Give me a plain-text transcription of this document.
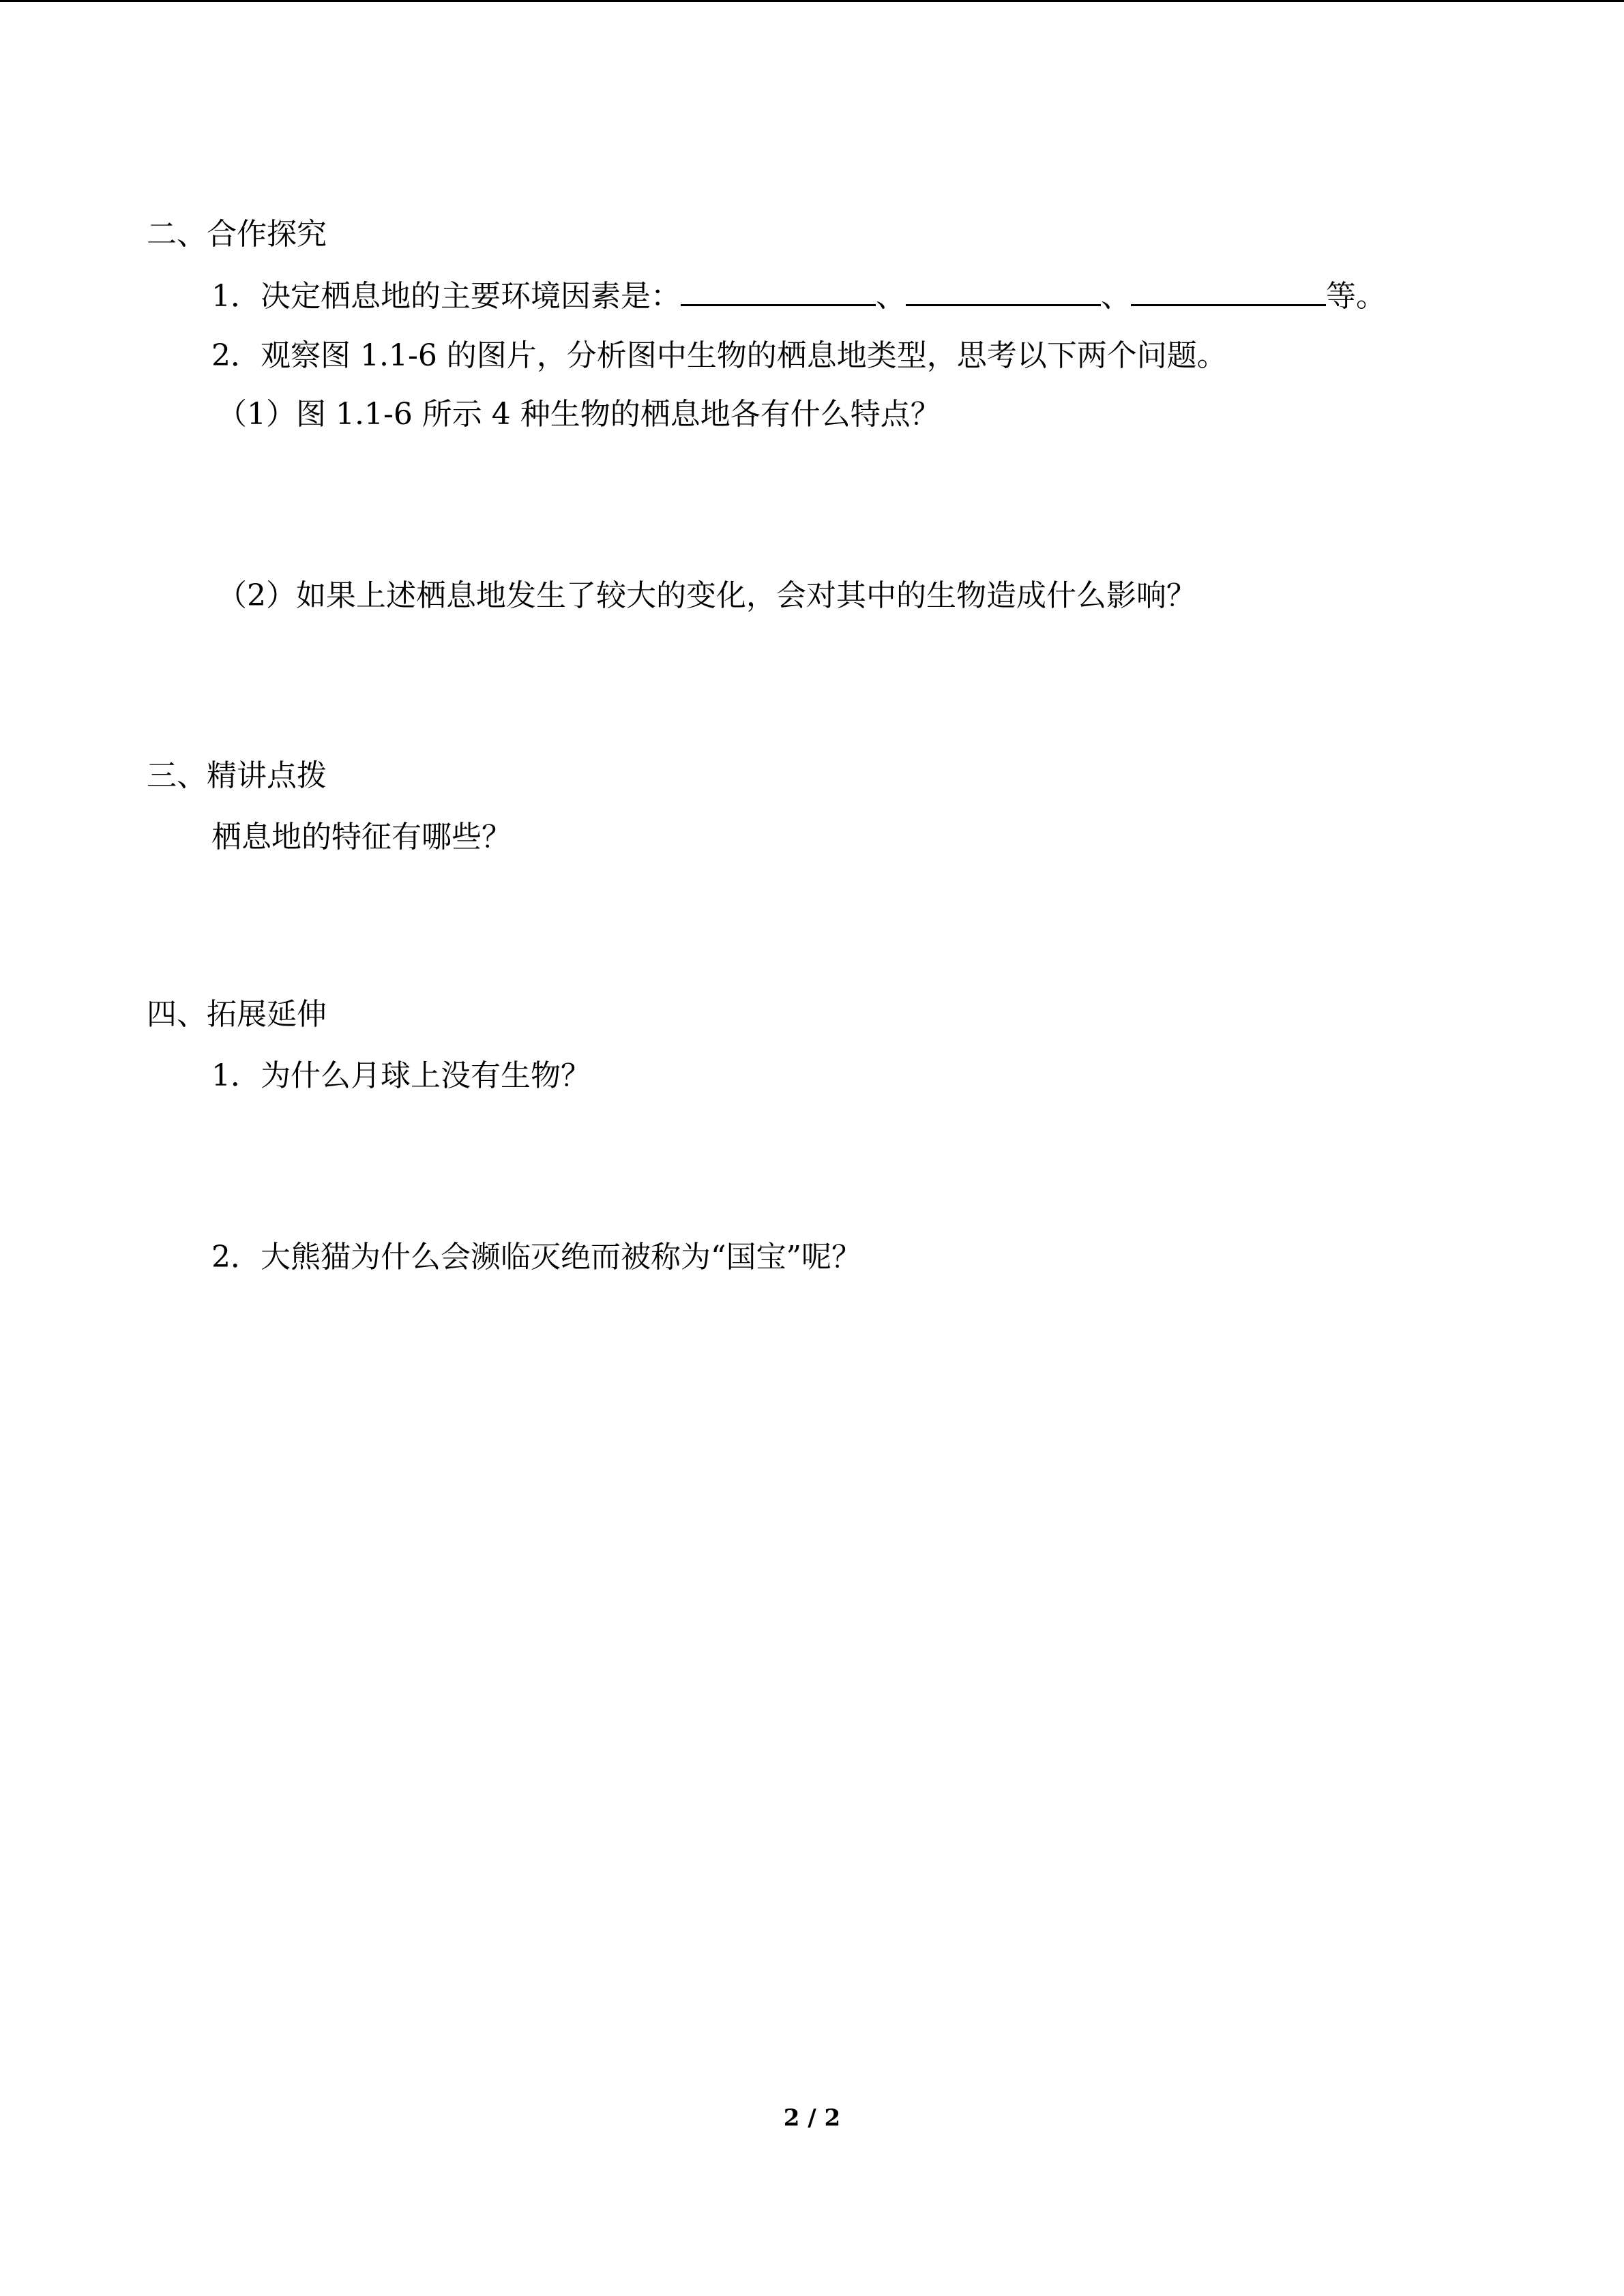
二、合作探究
1．决定栖息地的主要环境因素是：	、	、	等。
2．观察图 1.1-6 的图片，分析图中生物的栖息地类型，思考以下两个问题。
（1）图 1.1-6 所示 4 种生物的栖息地各有什么特点？
（2）如果上述栖息地发生了较大的变化，会对其中的生物造成什么影响？
三、精讲点拨
栖息地的特征有哪些？
四、拓展延伸
1．为什么月球上没有生物？
2．大熊猫为什么会濒临灭绝而被称为“国宝”呢？
2 / 2
